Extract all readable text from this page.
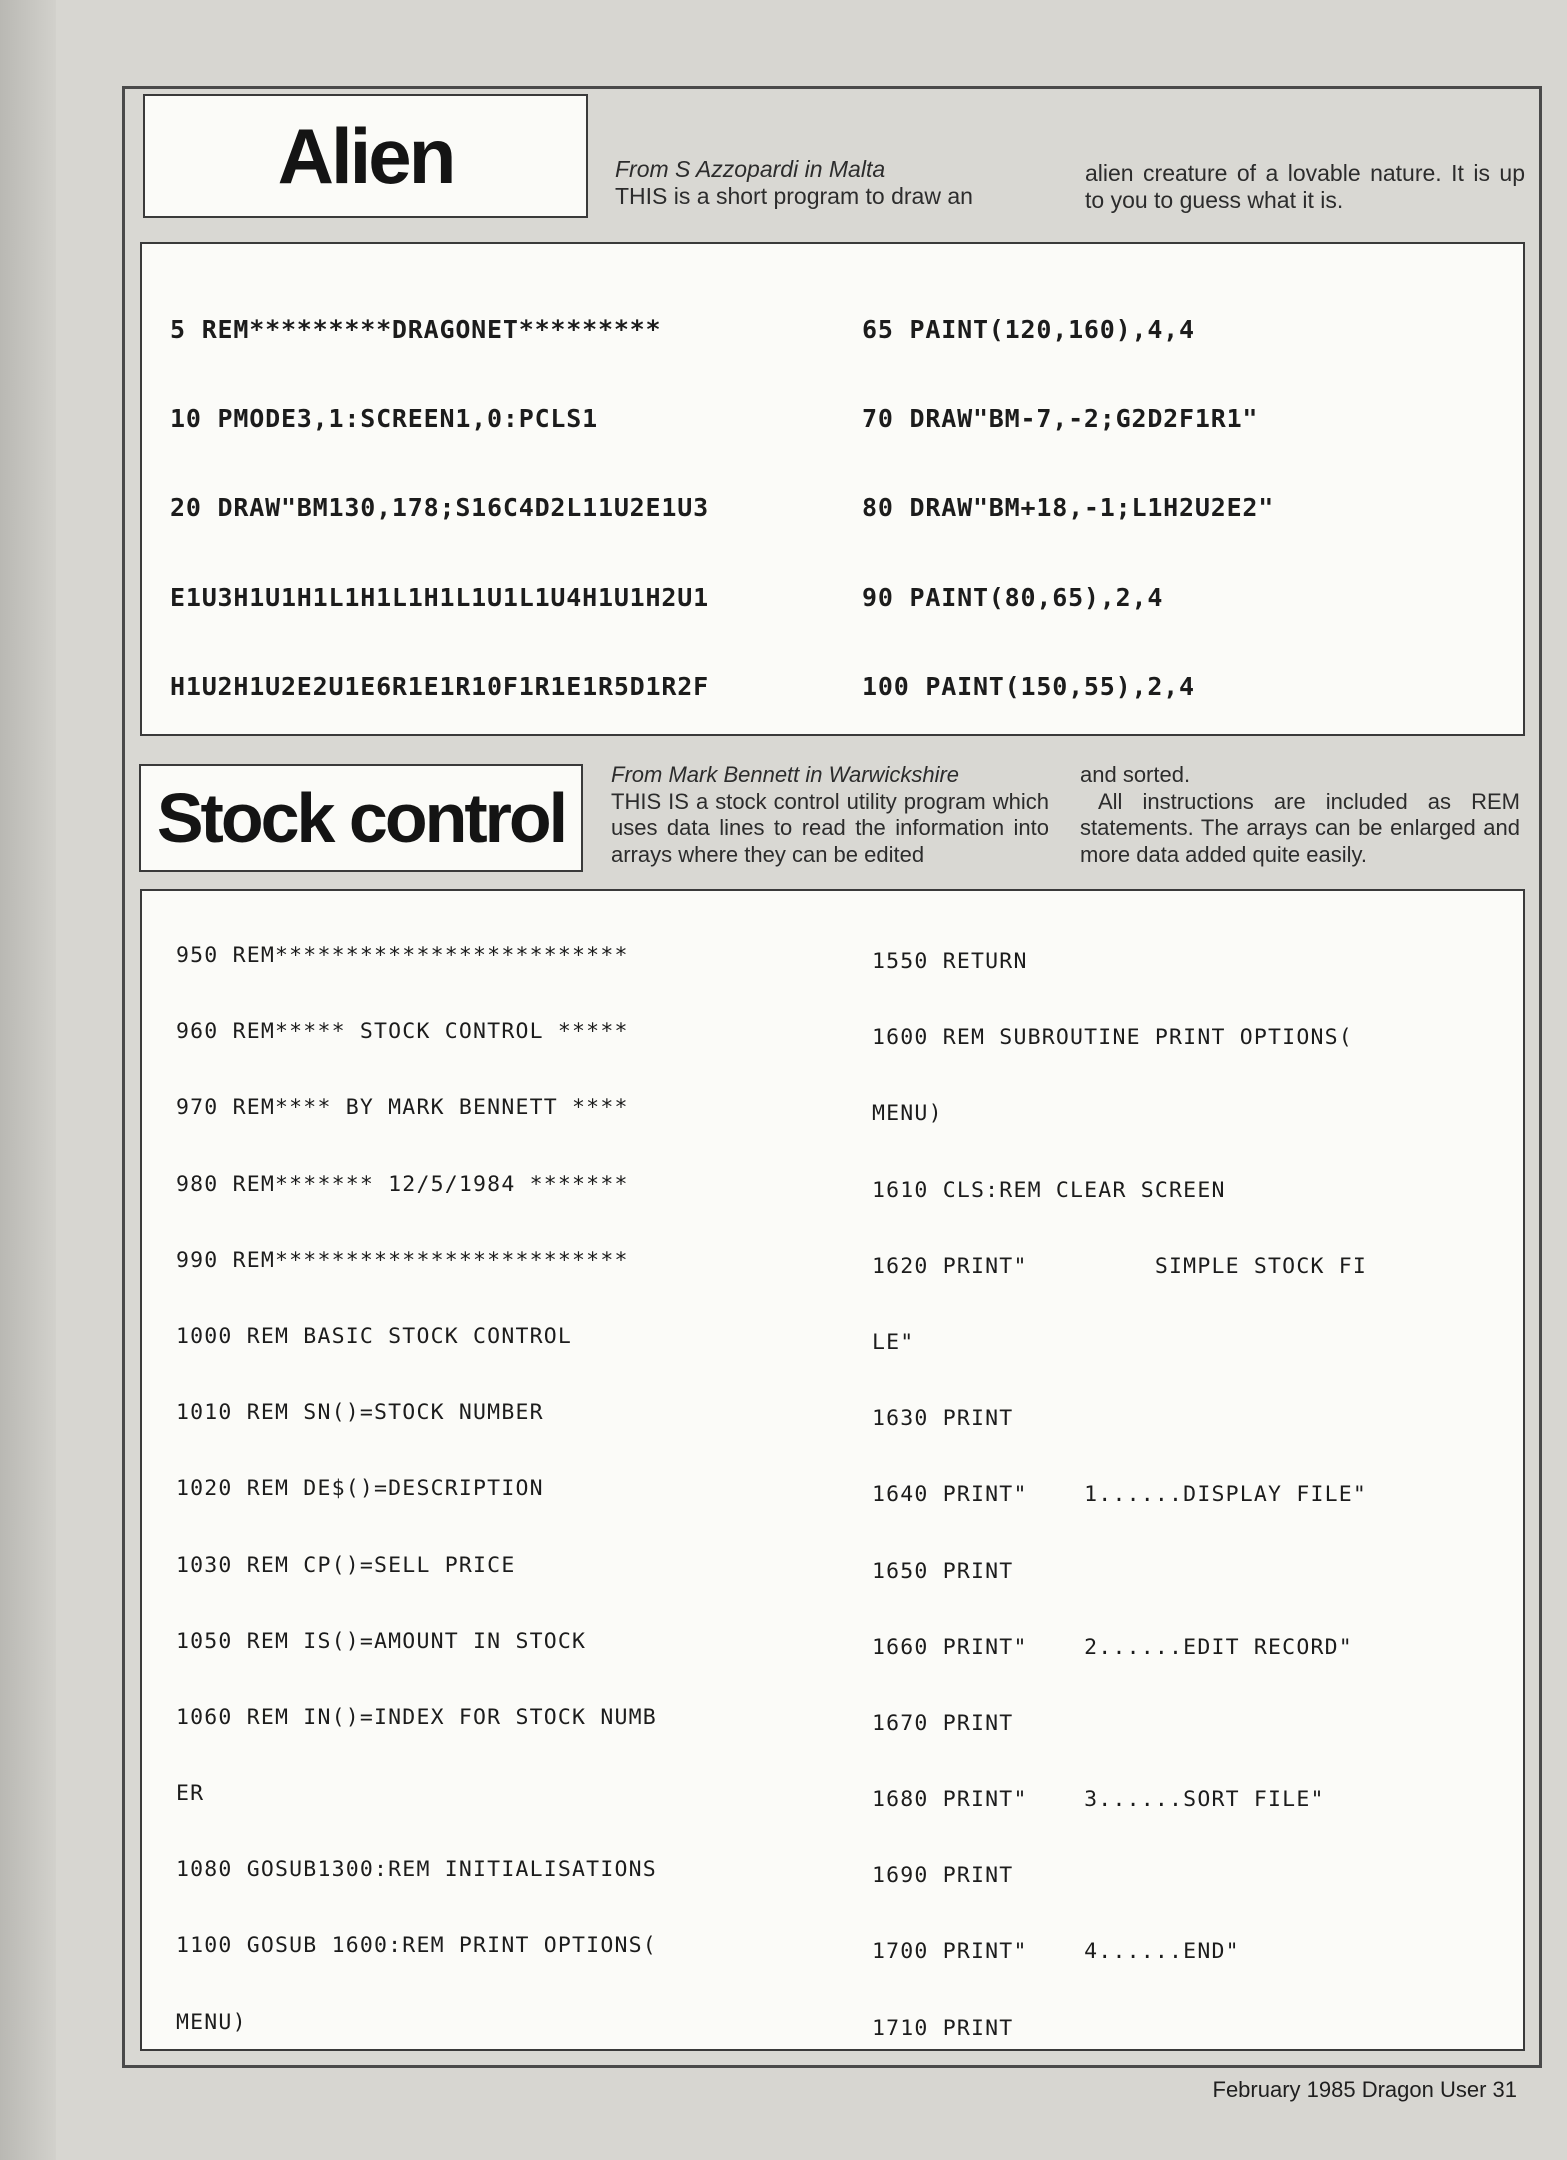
Alien	From S Azzopardi in Malta

THIS is a short program to draw an

alien creature of a lovable nature. It is up to you to guess what it is.

5 REM*********DRAGONET*********

10 PMODE3,1:SCREEN1,0:PCLS1

20 DRAW"BM130,178;S16C4D2L11U2E1U3

E1U3H1U1H1L1H1L1H1L1U1L1U4H1U1H2U1

H1U2H1U2E2U1E6R1E1R10F1R1E1R5D1R2F

65 PAINT(120,160),4,4

70 DRAW"BM-7,-2;G2D2F1R1"

80 DRAW"BM+18,-1;L1H2U2E2"

90 PAINT(80,65),2,4

100 PAINT(150,55),2,4

Stock control
From Mark Bennett in Warwickshire

THIS IS a stock control utility program which uses data lines to read the information into arrays where they can be edited

and sorted.

All instructions are included as REM statements. The arrays can be enlarged and more data added quite easily.

950 REM*************************

960 REM***** STOCK CONTROL *****

970 REM**** BY MARK BENNETT ****

980 REM******* 12/5/1984 *******

990 REM*************************

1000 REM BASIC STOCK CONTROL

1010 REM SN()=STOCK NUMBER

1020 REM DE$()=DESCRIPTION

1030 REM CP()=SELL PRICE

1050 REM IS()=AMOUNT IN STOCK

1060 REM IN()=INDEX FOR STOCK NUMB

ER

1080 GOSUB1300:REM INITIALISATIONS

1100 GOSUB 1600:REM PRINT OPTIONS(

MENU)

1550 RETURN

1600 REM SUBROUTINE PRINT OPTIONS(

MENU)

1610 CLS:REM CLEAR SCREEN

1620 PRINT"         SIMPLE STOCK FI

LE"

1630 PRINT

1640 PRINT"    1......DISPLAY FILE"

1650 PRINT

1660 PRINT"    2......EDIT RECORD"

1670 PRINT

1680 PRINT"    3......SORT FILE"

1690 PRINT

1700 PRINT"    4......END"

1710 PRINT

February 1985 Dragon User 31
